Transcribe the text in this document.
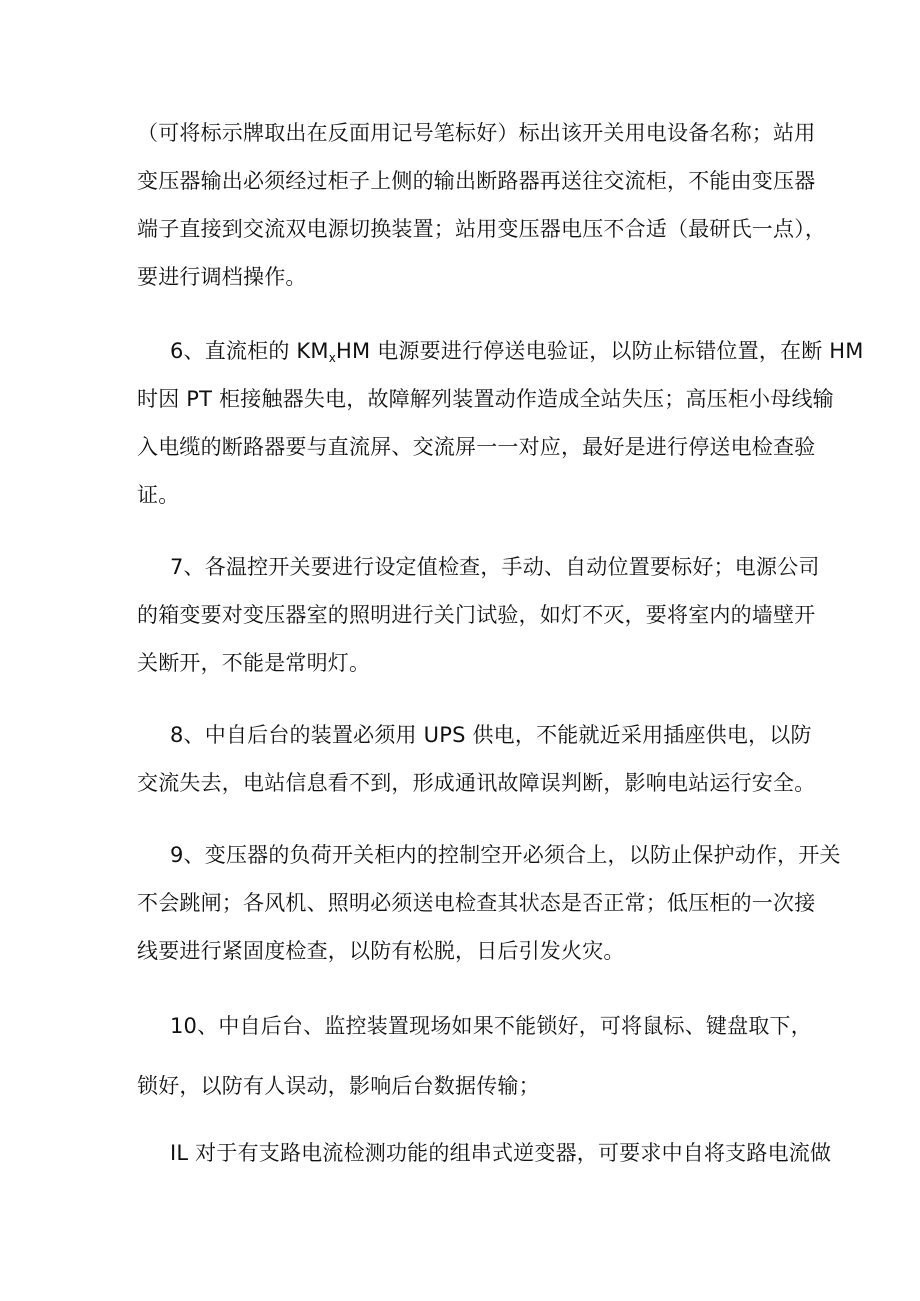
（可将标示牌取出在反面用记号笔标好）标出该开关用电设备名称；站用
变压器输出必须经过柜子上侧的输出断路器再送往交流柜，不能由变压器
端子直接到交流双电源切换装置；站用变压器电压不合适（最研氏一点），
要进行调档操作。
6、直流柜的 $KM_xHM$ 电源要进行停送电验证，以防止标错位置，在断 HM
时因 PT 柜接触器失电，故障解列装置动作造成全站失压；高压柜小母线输
入电缆的断路器要与直流屏、交流屏一一对应，最好是进行停送电检查验
证。
7、各温控开关要进行设定值检查，手动、自动位置要标好；电源公司
的箱变要对变压器室的照明进行关门试验，如灯不灭，要将室内的墙壁开
关断开，不能是常明灯。
8、中自后台的装置必须用 UPS 供电，不能就近采用插座供电，以防
交流失去，电站信息看不到，形成通讯故障误判断，影响电站运行安全。
9、变压器的负荷开关柜内的控制空开必须合上，以防止保护动作，开关
不会跳闸；各风机、照明必须送电检查其状态是否正常；低压柜的一次接
线要进行紧固度检查，以防有松脱，日后引发火灾。
10、中自后台、监控装置现场如果不能锁好，可将鼠标、键盘取下，
锁好，以防有人误动，影响后台数据传输；
IL 对于有支路电流检测功能的组串式逆变器，可要求中自将支路电流做
